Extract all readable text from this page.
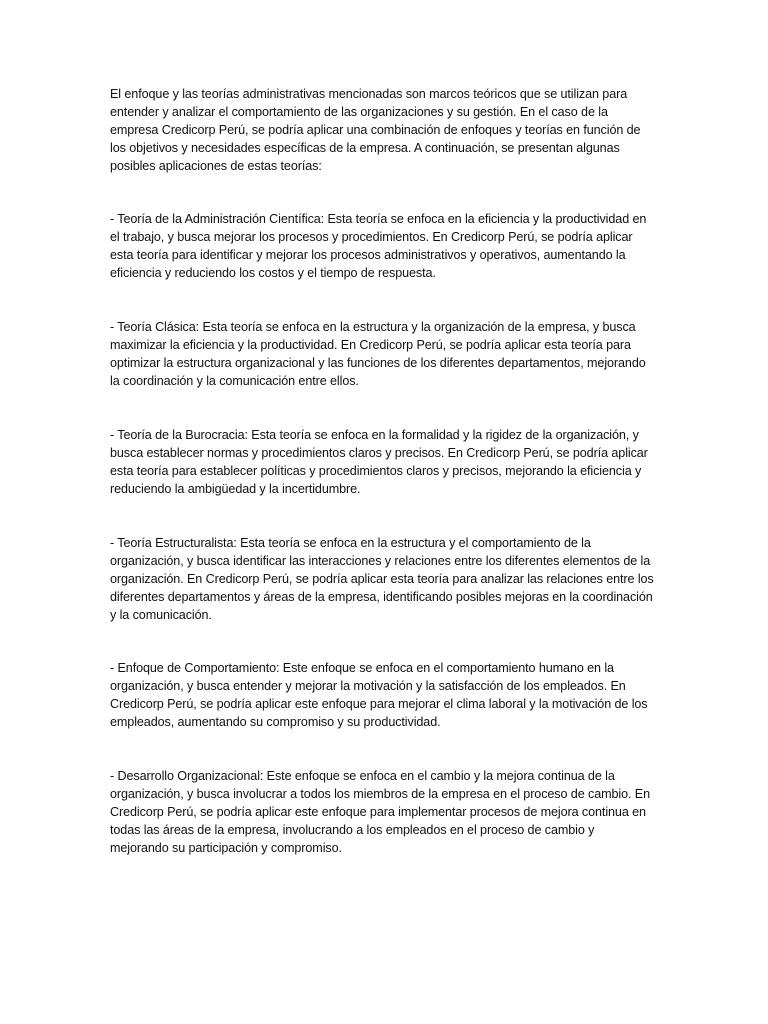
El enfoque y las teorías administrativas mencionadas son marcos teóricos que se utilizan para entender y analizar el comportamiento de las organizaciones y su gestión. En el caso de la empresa Credicorp Perú, se podría aplicar una combinación de enfoques y teorías en función de los objetivos y necesidades específicas de la empresa. A continuación, se presentan algunas posibles aplicaciones de estas teorías:

- Teoría de la Administración Científica: Esta teoría se enfoca en la eficiencia y la productividad en el trabajo, y busca mejorar los procesos y procedimientos. En Credicorp Perú, se podría aplicar esta teoría para identificar y mejorar los procesos administrativos y operativos, aumentando la eficiencia y reduciendo los costos y el tiempo de respuesta.

- Teoría Clásica: Esta teoría se enfoca en la estructura y la organización de la empresa, y busca maximizar la eficiencia y la productividad. En Credicorp Perú, se podría aplicar esta teoría para optimizar la estructura organizacional y las funciones de los diferentes departamentos, mejorando la coordinación y la comunicación entre ellos.

- Teoría de la Burocracia: Esta teoría se enfoca en la formalidad y la rigidez de la organización, y busca establecer normas y procedimientos claros y precisos. En Credicorp Perú, se podría aplicar esta teoría para establecer políticas y procedimientos claros y precisos, mejorando la eficiencia y reduciendo la ambigüedad y la incertidumbre.

- Teoría Estructuralista: Esta teoría se enfoca en la estructura y el comportamiento de la organización, y busca identificar las interacciones y relaciones entre los diferentes elementos de la organización. En Credicorp Perú, se podría aplicar esta teoría para analizar las relaciones entre los diferentes departamentos y áreas de la empresa, identificando posibles mejoras en la coordinación y la comunicación.

- Enfoque de Comportamiento: Este enfoque se enfoca en el comportamiento humano en la organización, y busca entender y mejorar la motivación y la satisfacción de los empleados. En Credicorp Perú, se podría aplicar este enfoque para mejorar el clima laboral y la motivación de los empleados, aumentando su compromiso y su productividad.

- Desarrollo Organizacional: Este enfoque se enfoca en el cambio y la mejora continua de la organización, y busca involucrar a todos los miembros de la empresa en el proceso de cambio. En Credicorp Perú, se podría aplicar este enfoque para implementar procesos de mejora continua en todas las áreas de la empresa, involucrando a los empleados en el proceso de cambio y mejorando su participación y compromiso.
